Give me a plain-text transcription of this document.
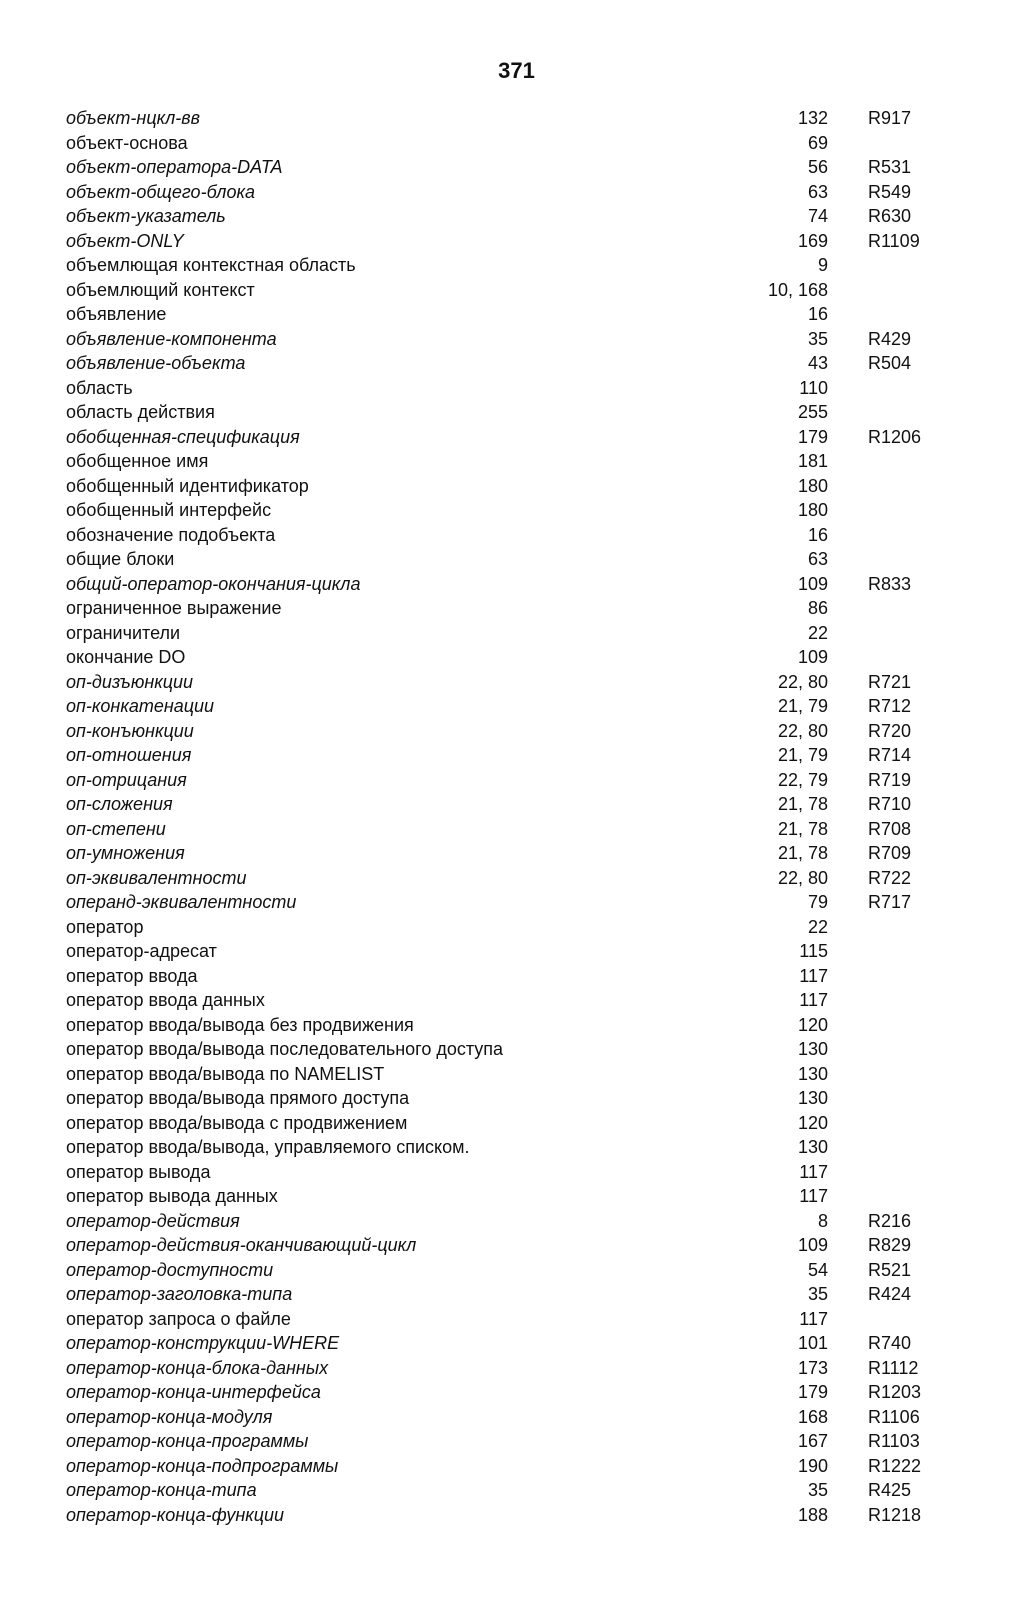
371
объект-нцкл-вв	132 R917
объект-основа	69
объект-оператора-DATA	56 R531
объект-общего-блока	63 R549
объект-указатель	74 R630
объект-ONLY	169 R1109
объемлющая контекстная область	9
объемлющий контекст	10, 168
объявление	16
объявление-компонента	35 R429
объявление-объекта	43 R504
область	110
область действия	255
обобщенная-спецификация	179 R1206
обобщенное имя	181
обобщенный идентификатор	180
обобщенный интерфейс	180
обозначение подобъекта	16
общие блоки	63
общий-оператор-окончания-цикла	109 R833
ограниченное выражение	86
ограничители	22
окончание DO	109
оп-дизъюнкции	22, 80 R721
оп-конкатенации	21, 79 R712
оп-конъюнкции	22, 80 R720
оп-отношения	21, 79 R714
оп-отрицания	22, 79 R719
оп-сложения	21, 78 R710
оп-степени	21, 78 R708
оп-умножения	21, 78 R709
оп-эквивалентности	22, 80 R722
операнд-эквивалентности	79 R717
оператор	22
оператор-адресат	115
оператор ввода	117
оператор ввода данных	117
оператор ввода/вывода без продвижения	120
оператор ввода/вывода последовательного доступа	130
оператор ввода/вывода по NAMELIST	130
оператор ввода/вывода прямого доступа	130
оператор ввода/вывода с продвижением	120
оператор ввода/вывода, управляемого списком.	130
оператор вывода	117
оператор вывода данных	117
оператор-действия	8 R216
оператор-действия-оканчивающий-цикл	109 R829
оператор-доступности	54 R521
оператор-заголовка-типа	35 R424
оператор запроса о файле	117
оператор-конструкции-WHERE	101 R740
оператор-конца-блока-данных	173 R1112
оператор-конца-интерфейса	179 R1203
оператор-конца-модуля	168 R1106
оператор-конца-программы	167 R1103
оператор-конца-подпрограммы	190 R1222
оператор-конца-типа	35 R425
оператор-конца-функции	188 R1218
